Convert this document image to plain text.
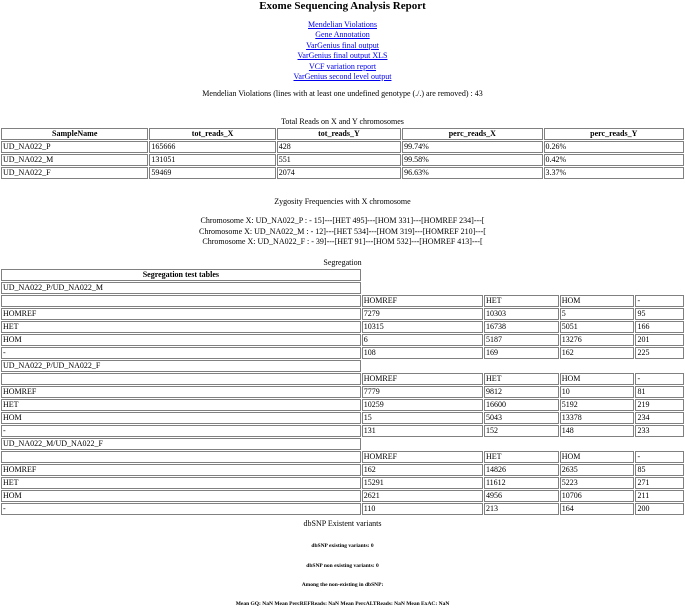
Exome Sequencing Analysis Report
Mendelian Violations
Gene Annotation
VarGenius final output
VarGenius final output XLS
VCF variation report
VarGenius second level output
Mendelian Violations (lines with at least one undefined genotype (./.) are removed) : 43
Total Reads on X and Y chromosomes
SampleName	tot_reads_X	tot_reads_Y	perc_reads_X	perc_reads_Y
UD_NA022_P	165666	428	99.74%	0.26%
UD_NA022_M	131051	551	99.58%	0.42%
UD_NA022_F	59469	2074	96.63%	3.37%
Zygosity Frequencies with X chromosome
Chromosome X: UD_NA022_P : - 15]---[HET 495]---[HOM 331]---[HOMREF 234]---[
Chromosome X: UD_NA022_M : - 12]---[HET 534]---[HOM 319]---[HOMREF 210]---[
Chromosome X: UD_NA022_F : - 39]---[HET 91]---[HOM 532]---[HOMREF 413]---[
Segregation
Segregation test tables				
UD_NA022_P/UD_NA022_M				
	HOMREF	HET	HOM	-
HOMREF	7279	10303	5	95
HET	10315	16738	5051	166
HOM	6	5187	13276	201
-	108	169	162	225
UD_NA022_P/UD_NA022_F				
	HOMREF	HET	HOM	-
HOMREF	7779	9812	10	81
HET	10259	16600	5192	219
HOM	15	5043	13378	234
-	131	152	148	233
UD_NA022_M/UD_NA022_F				
	HOMREF	HET	HOM	-
HOMREF	162	14826	2635	85
HET	15291	11612	5223	271
HOM	2621	4956	10706	211
-	110	213	164	200
dbSNP Existent variants
dbSNP existing variants: 0
dbSNP non existing variants: 0
Among the non-existing in dbSNP:
Mean GQ: NaN Mean PercREFReads: NaN Mean PercALTReads: NaN Mean ExAC: NaN
